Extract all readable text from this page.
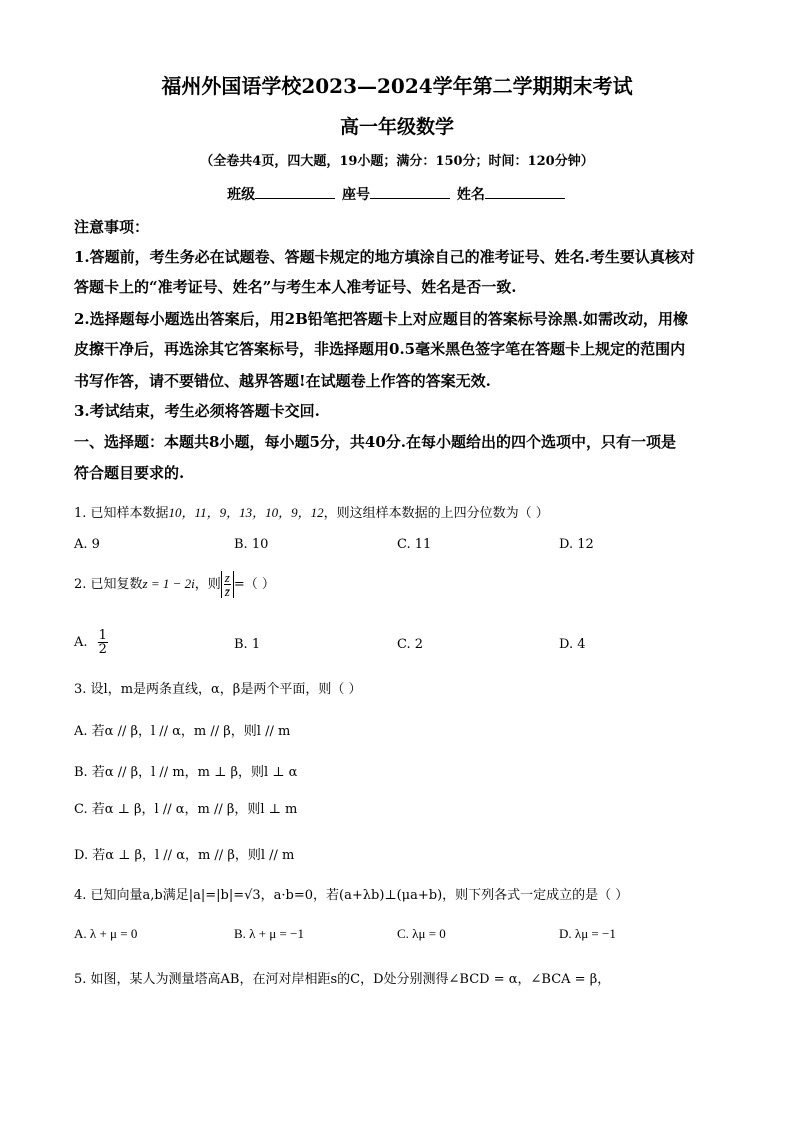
福州外国语学校2023—2024学年第二学期期末考试
高一年级数学
（全卷共4页，四大题，19小题；满分：150分；时间：120分钟）
班级	座号	姓名
注意事项：
1.答题前，考生务必在试题卷、答题卡规定的地方填涂自己的准考证号、姓名.考生要认真核对
答题卡上的“准考证号、姓名”与考生本人准考证号、姓名是否一致.
2.选择题每小题选出答案后，用2B铅笔把答题卡上对应题目的答案标号涂黑.如需改动，用橡
皮擦干净后，再选涂其它答案标号，非选择题用0.5毫米黑色签字笔在答题卡上规定的范围内
书写作答，请不要错位、越界答题!在试题卷上作答的答案无效.
3.考试结束，考生必须将答题卡交回.
一、选择题：本题共8小题，每小题5分，共40分.在每小题给出的四个选项中，只有一项是
符合题目要求的.
1. 已知样本数据10，11，9，13，10，9，12，则这组样本数据的上四分位数为（ ）
A. 9	B. 10	C. 11	D. 12
2. 已知复数z = 1 − 2i，则 $\frac{z}{z̄}$ =（ ）
A. $\frac{1}{2}$	B. 1	C. 2	D. 4
3. 设l，m是两条直线，α，β是两个平面，则（ ）
A. 若α // β，l // α，m // β，则l // m
B. 若α // β，l // m，m ⊥ β，则l ⊥ α
C. 若α ⊥ β，l // α，m // β，则l ⊥ m
D. 若α ⊥ β，l // α，m // β，则l // m
4. 已知向量a,b满足|a|=|b|=√3，a·b=0，若(a+λb)⊥(μa+b)，则下列各式一定成立的是（ ）
A. λ + μ = 0	B. λ + μ = −1	C. λμ = 0	D. λμ = −1
5. 如图，某人为测量塔高AB，在河对岸相距s的C，D处分别测得∠BCD = α，∠BCA = β，
